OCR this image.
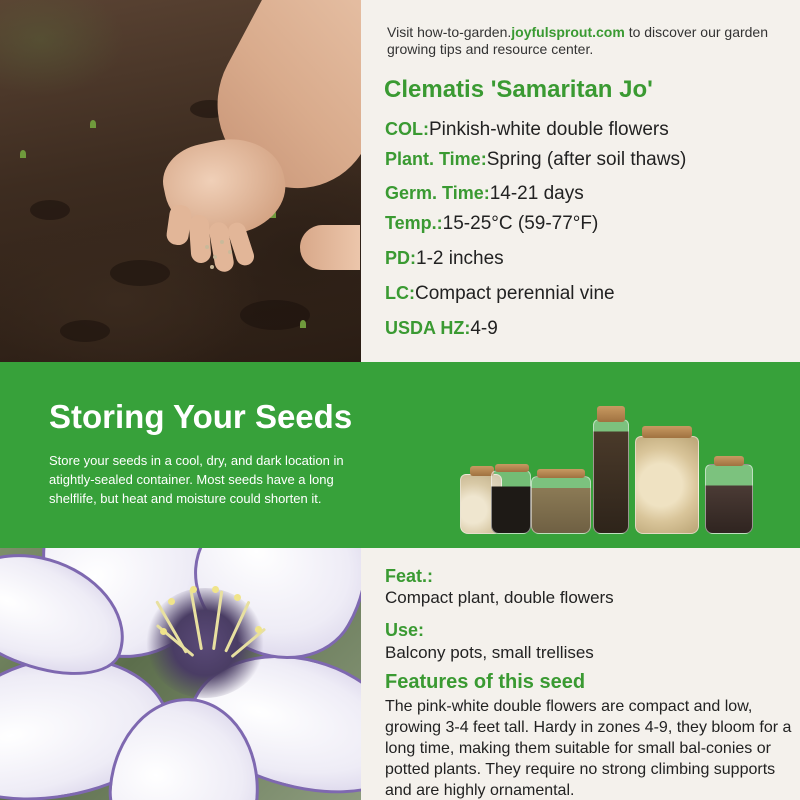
Visit how-to-garden.joyfulsprout.com to discover our garden growing tips and resource center.

Clematis 'Samaritan Jo'
COL: Pinkish-white double flowers
Plant. Time: Spring (after soil thaws)
Germ. Time: 14-21 days
Temp.: 15-25°C (59-77°F)
PD: 1-2 inches
LC: Compact perennial vine
USDA HZ: 4-9
Storing Your Seeds

Store your seeds in a cool, dry, and dark location in atightly-sealed container. Most seeds have a long shelflife, but heat and moisture could shorten it.

Feat.:
Compact plant, double flowers
Use:
Balcony pots, small trellises
Features of this seed

The pink-white double flowers are compact and low, growing 3-4 feet tall. Hardy in zones 4-9, they bloom for a long time, making them suitable for small bal-conies or potted plants. They require no strong climbing supports and are highly ornamental.
